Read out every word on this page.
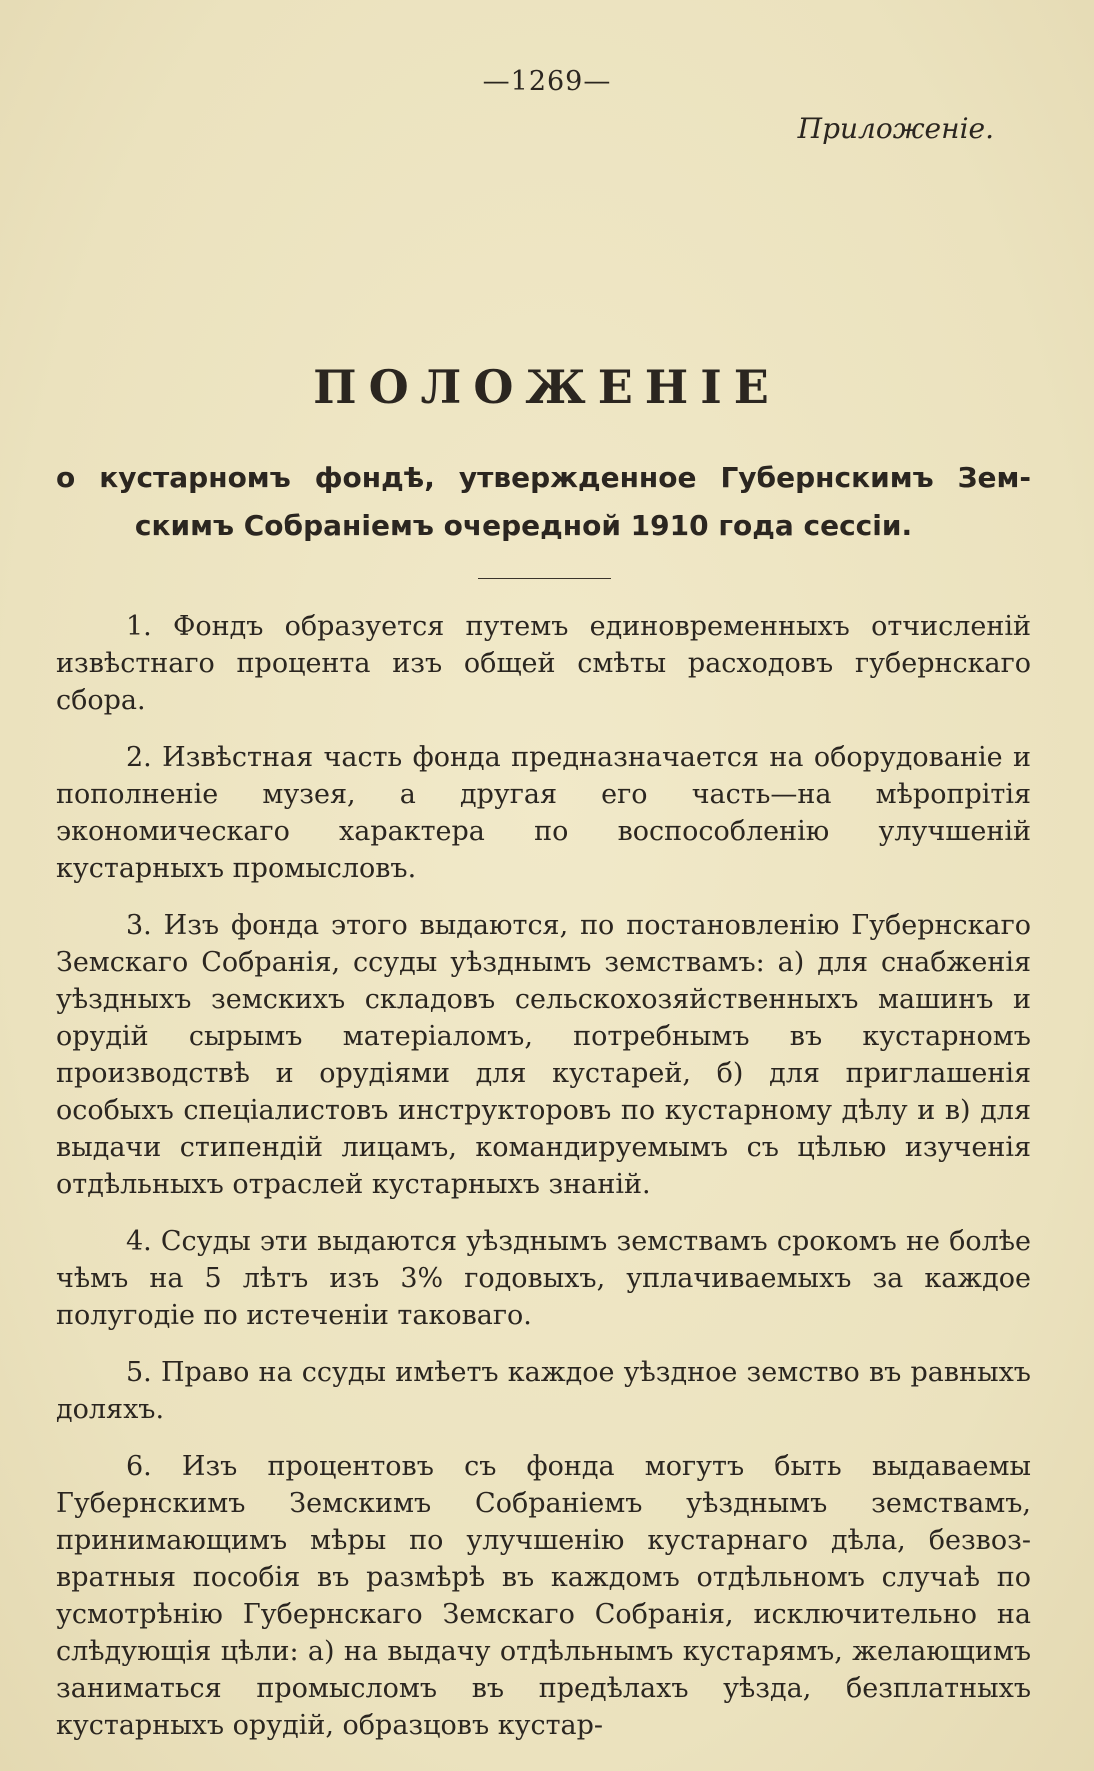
—1269—
Приложеніе.
ПОЛОЖЕНІЕ
о кустарномъ фондѣ, утвержденное Губернскимъ Зем-
скимъ Собраніемъ очередной 1910 года сессіи.

1. Фондъ образуется путемъ единовременныхъ отчисленій извѣстнаго процента изъ общей смѣты расходовъ губернскаго сбора.

2. Извѣстная часть фонда предназначается на оборудованіе и пополненіе музея, а другая его часть—на мѣропрітія экономическаго характера по воспособленію улучшеній кустарныхъ промысловъ.

3. Изъ фонда этого выдаются, по постановленію Губернскаго Земскаго Собранія, ссуды уѣзднымъ земствамъ: а) для снабженія уѣздныхъ земскихъ складовъ сельскохозяйственныхъ машинъ и орудій сырымъ матеріаломъ, потребнымъ въ кустарномъ производствѣ и орудіями для кустарей, б) для приглашенія особыхъ спеціалистовъ инструкторовъ по кустарному дѣлу и в) для выдачи стипендій лицамъ, командируемымъ съ цѣлью изученія отдѣльныхъ отраслей кустарныхъ знаній.

4. Ссуды эти выдаются уѣзднымъ земствамъ срокомъ не болѣе чѣмъ на 5 лѣтъ изъ 3% годовыхъ, уплачиваемыхъ за каждое полугодіе по истеченіи таковаго.

5. Право на ссуды имѣетъ каждое уѣздное земство въ равныхъ доляхъ.

6. Изъ процентовъ съ фонда могутъ быть выдаваемы Губернскимъ Земскимъ Собраніемъ уѣзднымъ земствамъ, принимающимъ мѣры по улучшенію кустарнаго дѣла, безвозвратныя пособія въ размѣрѣ въ каждомъ отдѣльномъ случаѣ по усмотрѣнію Губернскаго Земскаго Собранія, исключительно на слѣдующія цѣли: а) на выдачу отдѣльнымъ кустарямъ, желающимъ заниматься промысломъ въ предѣлахъ уѣзда, безплатныхъ кустарныхъ орудій, образцовъ кустар-
